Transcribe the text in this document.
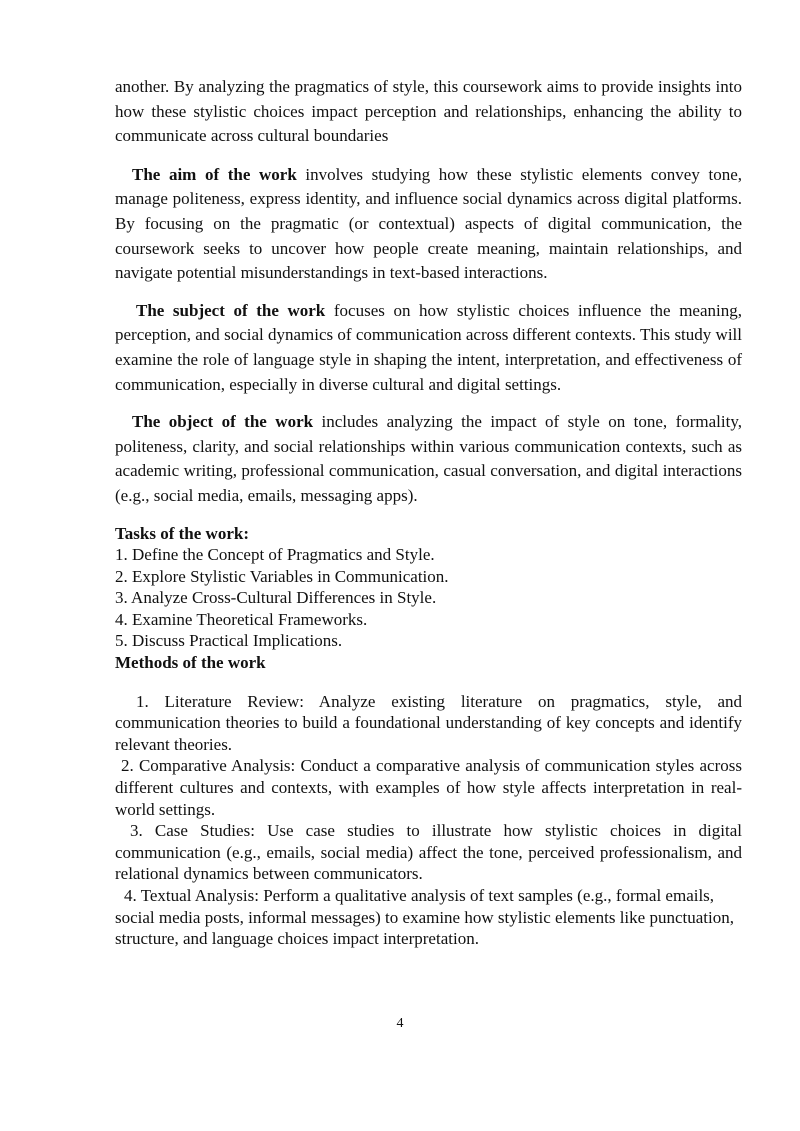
another. By analyzing the pragmatics of style, this coursework aims to provide insights into how these stylistic choices impact perception and relationships, enhancing the ability to communicate across cultural boundaries

The aim of the work involves studying how these stylistic elements convey tone, manage politeness, express identity, and influence social dynamics across digital platforms. By focusing on the pragmatic (or contextual) aspects of digital communication, the coursework seeks to uncover how people create meaning, maintain relationships, and navigate potential misunderstandings in text-based interactions.

The subject of the work focuses on how stylistic choices influence the meaning, perception, and social dynamics of communication across different contexts. This study will examine the role of language style in shaping the intent, interpretation, and effectiveness of communication, especially in diverse cultural and digital settings.

The object of the work includes analyzing the impact of style on tone, formality, politeness, clarity, and social relationships within various communication contexts, such as academic writing, professional communication, casual conversation, and digital interactions (e.g., social media, emails, messaging apps).

Tasks of the work:

1. Define the Concept of Pragmatics and Style.
2. Explore Stylistic Variables in Communication.
3. Analyze Cross-Cultural Differences in Style.
4. Examine Theoretical Frameworks.
5. Discuss Practical Implications.

Methods of the work

1. Literature Review: Analyze existing literature on pragmatics, style, and communication theories to build a foundational understanding of key concepts and identify relevant theories.

2. Comparative Analysis: Conduct a comparative analysis of communication styles across different cultures and contexts, with examples of how style affects interpretation in real-world settings.

3. Case Studies: Use case studies to illustrate how stylistic choices in digital communication (e.g., emails, social media) affect the tone, perceived professionalism, and relational dynamics between communicators.

4. Textual Analysis: Perform a qualitative analysis of text samples (e.g., formal emails, social media posts, informal messages) to examine how stylistic elements like punctuation, structure, and language choices impact interpretation.

4
